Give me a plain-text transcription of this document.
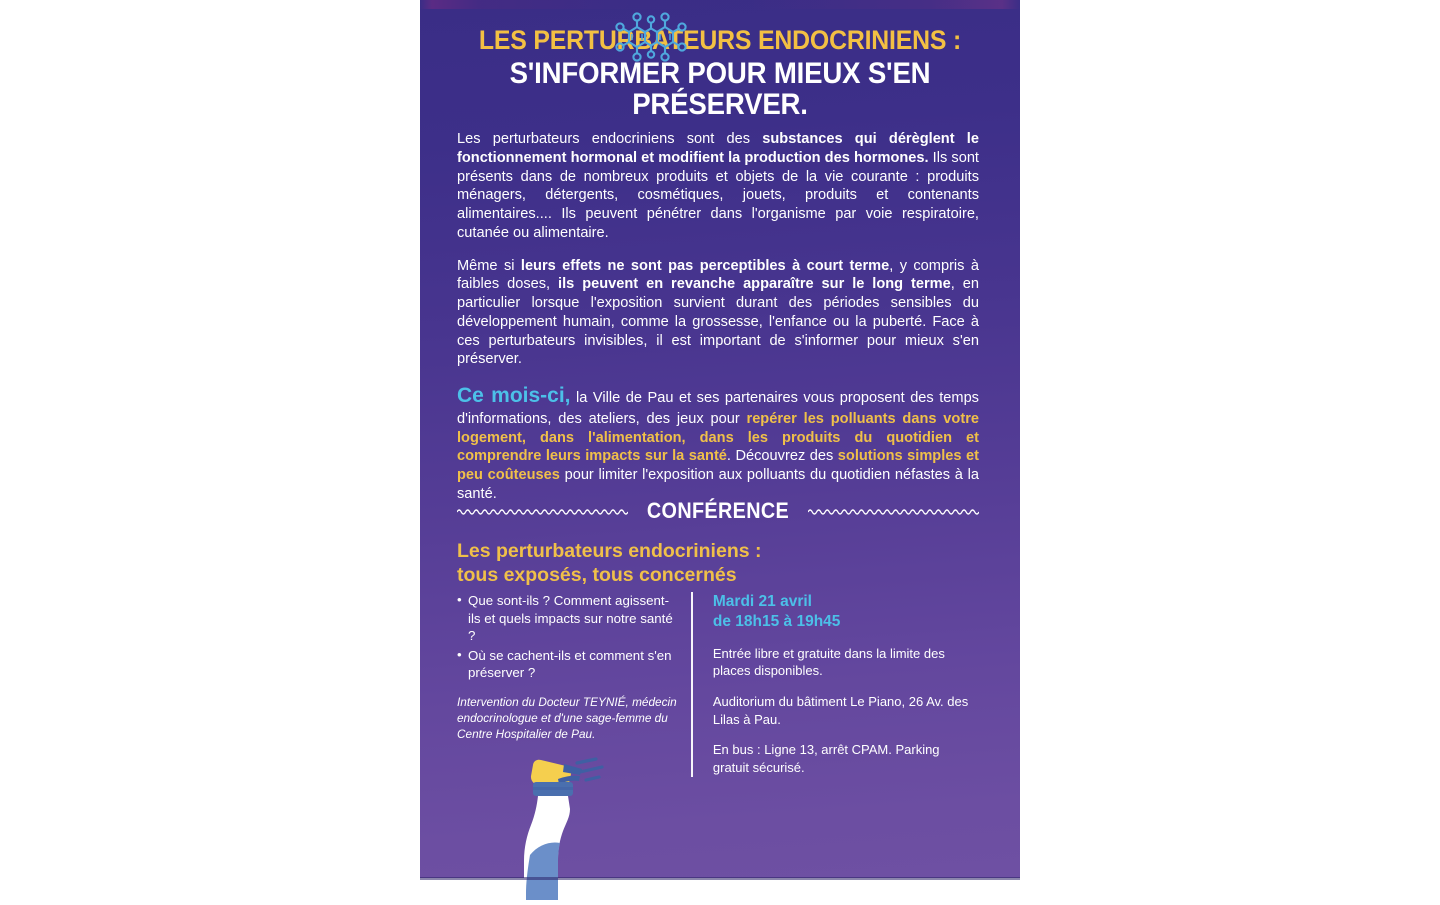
LES PERTURBATEURS ENDOCRINIENS :
S'INFORMER POUR MIEUX S'EN PRÉSERVER.

Les perturbateurs endocriniens sont des substances qui dérèglent le fonctionnement hormonal et modifient la production des hormones. Ils sont présents dans de nombreux produits et objets de la vie courante : produits ménagers, détergents, cosmétiques, jouets, produits et contenants alimentaires.... Ils peuvent pénétrer dans l'organisme par voie respiratoire, cutanée ou alimentaire.

Même si leurs effets ne sont pas perceptibles à court terme, y compris à faibles doses, ils peuvent en revanche apparaître sur le long terme, en particulier lorsque l'exposition survient durant des périodes sensibles du développement humain, comme la grossesse, l'enfance ou la puberté. Face à ces perturbateurs invisibles, il est important de s'informer pour mieux s'en préserver.

Ce mois-ci, la Ville de Pau et ses partenaires vous proposent des temps d'informations, des ateliers, des jeux pour repérer les polluants dans votre logement, dans l'alimentation, dans les produits du quotidien et comprendre leurs impacts sur la santé. Découvrez des solutions simples et peu coûteuses pour limiter l'exposition aux polluants du quotidien néfastes à la santé.

CONFÉRENCE
Les perturbateurs endocriniens :
tous exposés, tous concernés
• Que sont-ils ? Comment agissent-ils et quels impacts sur notre santé ?
• Où se cachent-ils et comment s'en préserver ?
Intervention du Docteur TEYNIÉ, médecin endocrinologue et d'une sage-femme du Centre Hospitalier de Pau.
Mardi 21 avril
de 18h15 à 19h45

Entrée libre et gratuite dans la limite des places disponibles.

Auditorium du bâtiment Le Piano, 26 Av. des Lilas à Pau.

En bus : Ligne 13, arrêt CPAM. Parking gratuit sécurisé.
